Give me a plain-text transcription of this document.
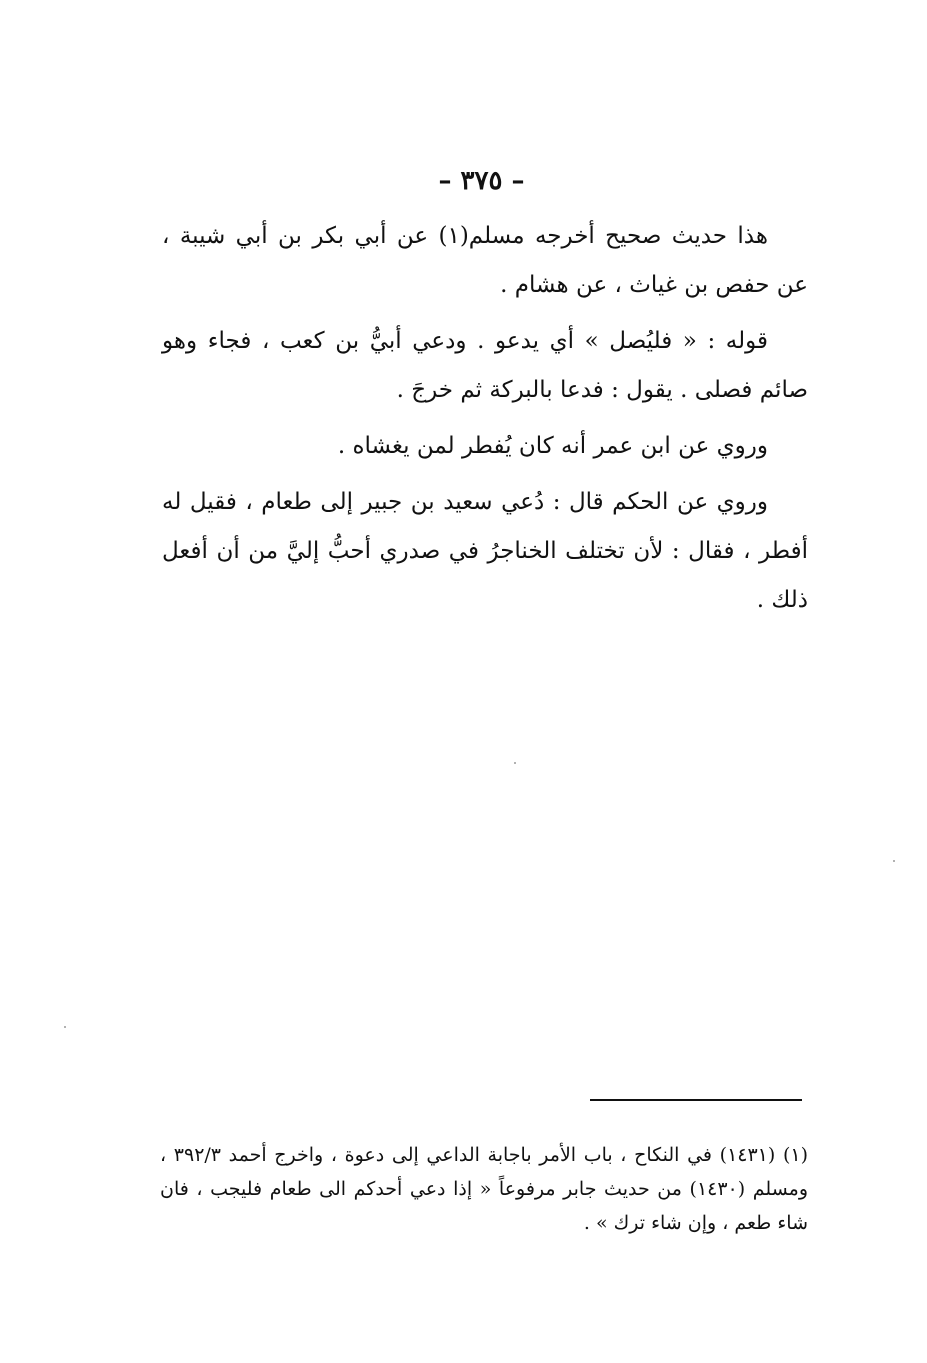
– ٣٧٥ –

هذا حديث صحيح أخرجه مسلم(١) عن أبي بكر بن أبي شيبة ، عن حفص بن غياث ، عن هشام .

قوله : « فليُصل » أي يدعو . ودعي أبيُّ بن كعب ، فجاء وهو صائم فصلى . يقول : فدعا بالبركة ثم خرجَ .

وروي عن ابن عمر أنه كان يُفطر لمن يغشاه .

وروي عن الحكم قال : دُعي سعيد بن جبير إلى طعام ، فقيل له أفطر ، فقال : لأن تختلف الخناجرُ في صدري أحبُّ إليَّ من أن أفعل ذلك .

(١) (١٤٣١) في النكاح ، باب الأمر باجابة الداعي إلى دعوة ، واخرج أحمد ٣٩٢/٣ ، ومسلم (١٤٣٠) من حديث جابر مرفوعاً « إذا دعي أحدكم الى طعام فليجب ، فان شاء طعم ، وإن شاء ترك » .
